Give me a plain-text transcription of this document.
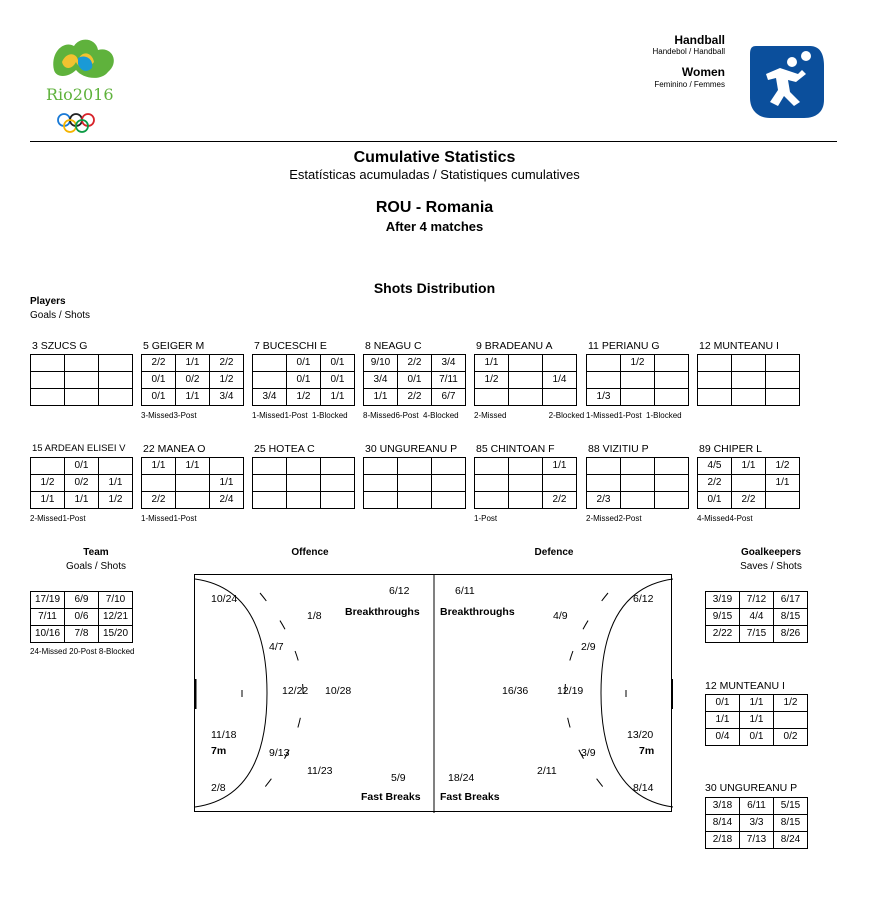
Rio2016
Handball
Handebol / Handball
Women
Feminino / Femmes
Cumulative Statistics
Estatísticas acumuladas / Statistiques cumulatives
ROU - Romania
After 4 matches
Shots Distribution
Players
Goals / Shots
3 SZUCS G

			5 GEIGER M
2/2	1/1	2/2
0/1	0/2	1/2
0/1	1/1	3/4
3-Missed3-Post
7 BUCESCHI E
	0/1	0/1
	0/1	0/1
3/4	1/2	1/1
1-Missed1-Post  1-Blocked
8 NEAGU C
9/10	2/2	3/4
3/4	0/1	7/11
1/1	2/2	6/7
8-Missed6-Post  4-Blocked
9 BRADEANU A
1/1		
1/2		1/4

2-Missed                   2-Blocked
11 PERIANU G
	1/2	

1/3		
1-Missed1-Post  1-Blocked
12 MUNTEANU I

15 ARDEAN ELISEI V
	0/1	
1/2	0/2	1/1
1/1	1/1	1/2
2-Missed1-Post
22 MANEA O
1/1	1/1	
		1/1
2/2		2/4
1-Missed1-Post
25 HOTEA C

			30 UNGUREANU P

		85 CHINTOAN F
		1/1

		2/2
1-Post
88 VIZITIU P

2/3		
2-Missed2-Post
89 CHIPER L
4/5	1/1	1/2
2/2		1/1
0/1	2/2	
4-Missed4-Post
Team
Goals / Shots
17/19	6/9	7/10
7/11	0/6	12/21
10/16	7/8	15/20
24-Missed 20-Post 8-Blocked
Offence	Defence
10/24
6/12
1/8 Breakthroughs
4/7
12/22 10/28
11/18
7m	9/13
11/23
5/9
2/8
Fast Breaks
6/11
Breakthroughs	4/9
6/12
2/9
16/36	12/19
13/20
7m
3/9
2/11
18/24
Fast Breaks
8/14
Goalkeepers
Saves / Shots
3/19	7/12	6/17
9/15	4/4	8/15
2/22	7/15	8/26
12 MUNTEANU I
0/1	1/1	1/2
1/1	1/1	
0/4	0/1	0/2
30 UNGUREANU P
3/18	6/11	5/15
8/14	3/3	8/15
2/18	7/13	8/24
